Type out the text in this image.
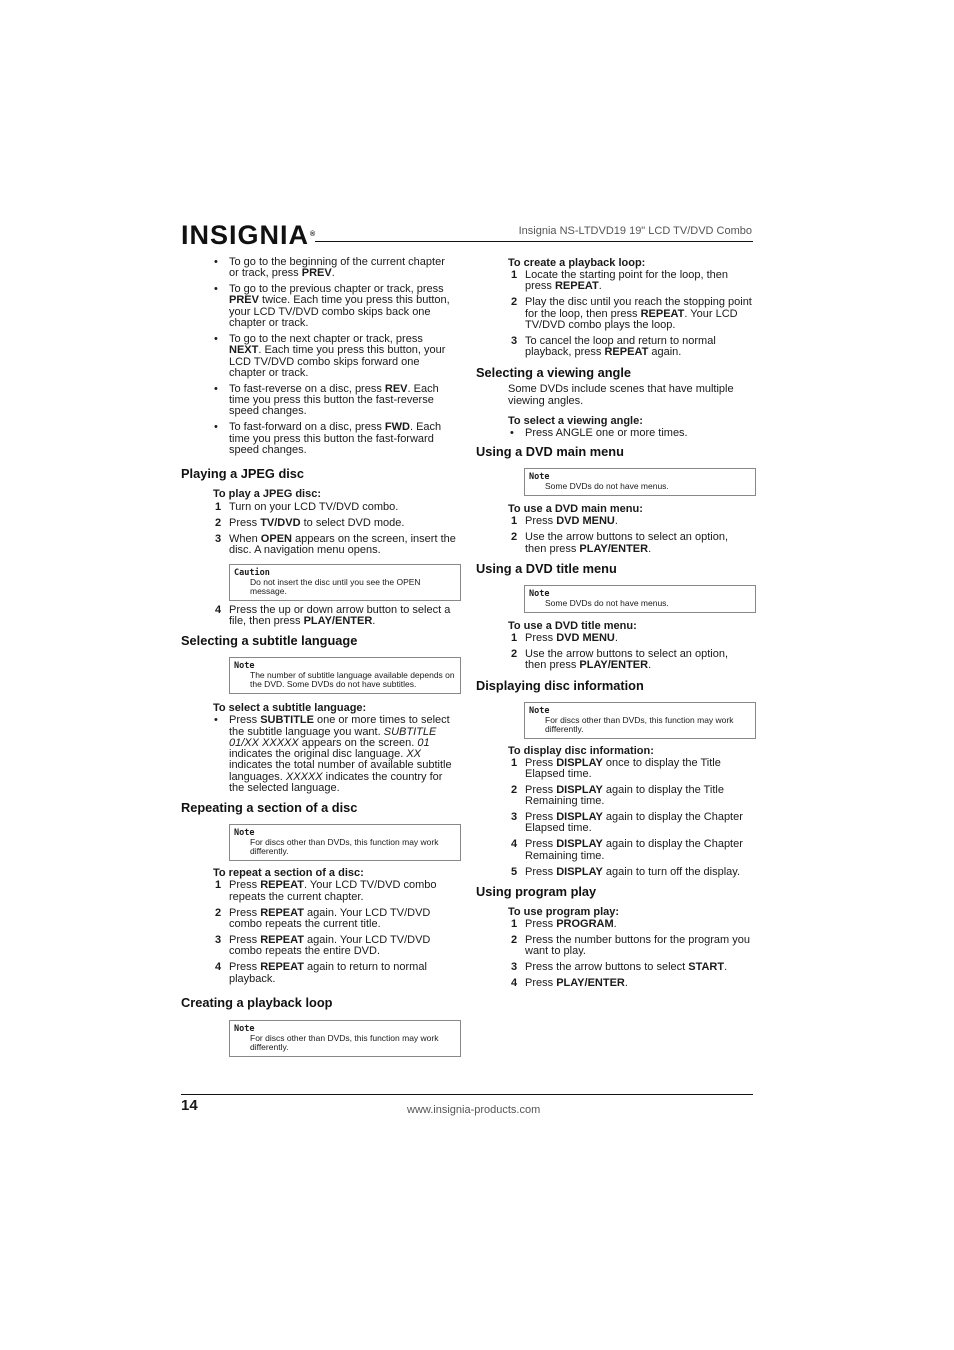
INSIGNIA®	Insignia NS-LTDVD19 19" LCD TV/DVD Combo
• To go to the beginning of the current chapter or track, press PREV.
• To go to the previous chapter or track, press PREV twice. Each time you press this button, your LCD TV/DVD combo skips back one chapter or track.
• To go to the next chapter or track, press NEXT. Each time you press this button, your LCD TV/DVD combo skips forward one chapter or track.
• To fast-reverse on a disc, press REV. Each time you press this button the fast-reverse speed changes.
• To fast-forward on a disc, press FWD. Each time you press this button the fast-forward speed changes.
Playing a JPEG disc

To play a JPEG disc:

1 Turn on your LCD TV/DVD combo.
2 Press TV/DVD to select DVD mode.
3 When OPEN appears on the screen, insert the disc. A navigation menu opens.
Caution
Do not insert the disc until you see the OPEN message.
4 Press the up or down arrow button to select a file, then press PLAY/ENTER.
Selecting a subtitle language
Note
The number of subtitle language available depends on the DVD. Some DVDs do not have subtitles.

To select a subtitle language:

• Press SUBTITLE one or more times to select the subtitle language you want. SUBTITLE 01/XX XXXXX appears on the screen. 01 indicates the original disc language. XX indicates the total number of available subtitle languages. XXXXX indicates the country for the selected language.
Repeating a section of a disc
Note
For discs other than DVDs, this function may work differently.

To repeat a section of a disc:

1 Press REPEAT. Your LCD TV/DVD combo repeats the current chapter.
2 Press REPEAT again. Your LCD TV/DVD combo repeats the current title.
3 Press REPEAT again. Your LCD TV/DVD combo repeats the entire DVD.
4 Press REPEAT again to return to normal playback.
Creating a playback loop
Note
For discs other than DVDs, this function may work differently.

To create a playback loop:

1 Locate the starting point for the loop, then press REPEAT.
2 Play the disc until you reach the stopping point for the loop, then press REPEAT. Your LCD TV/DVD combo plays the loop.
3 To cancel the loop and return to normal playback, press REPEAT again.
Selecting a viewing angle

Some DVDs include scenes that have multiple viewing angles.

To select a viewing angle:

• Press ANGLE one or more times.
Using a DVD main menu
Note
Some DVDs do not have menus.

To use a DVD main menu:

1 Press DVD MENU.
2 Use the arrow buttons to select an option, then press PLAY/ENTER.
Using a DVD title menu
Note
Some DVDs do not have menus.

To use a DVD title menu:

1 Press DVD MENU.
2 Use the arrow buttons to select an option, then press PLAY/ENTER.
Displaying disc information
Note
For discs other than DVDs, this function may work differently.

To display disc information:

1 Press DISPLAY once to display the Title Elapsed time.
2 Press DISPLAY again to display the Title Remaining time.
3 Press DISPLAY again to display the Chapter Elapsed time.
4 Press DISPLAY again to display the Chapter Remaining time.
5 Press DISPLAY again to turn off the display.
Using program play

To use program play:

1 Press PROGRAM.
2 Press the number buttons for the program you want to play.
3 Press the arrow buttons to select START.
4 Press PLAY/ENTER.
14	www.insignia-products.com
